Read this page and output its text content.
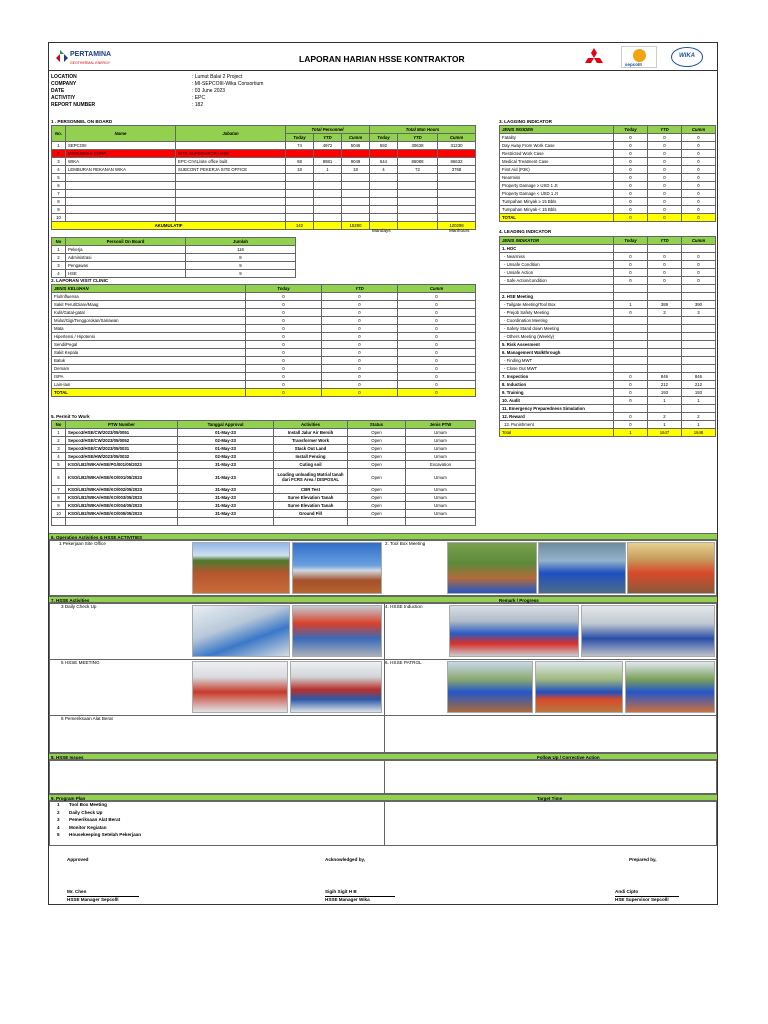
.
PERTAMINA
GEOTHERMAL ENERGY	LAPORAN HARIAN HSSE KONTRAKTOR
sepcoIII
WIKA
LOCATION	: Lumut Balai 2 Project
COMPANY	: MI-SEPCOIII-Wika Consortium
DATE	: 03 June 2023
ACTIVITIY	: EPC
REPORT NUMBER	: 182
1 . PERSONNEL ON BOARD
No.	Name	Jabatan	Total Personnel			Total Man Hours		
			Today	YTD	Cumm	Today	YTD	Cumm
1	SEPCOIII		74	4972	5046	592	30638	31230
2	MITSUBISHI CORP.	SITE SUPERVISOR / HSE						
3	WIKA	EPC-CIVIL/site office built	68	8981	9049	544	86088	86632
4	LEMBURAN REKANAN WIKA	SUBCONT PEKERJA SITE OFFICE	18	1	18	4	72	3768
5								
6								
7								
8								
9								
10								
AKUMULATIF			142		15280			120298
Mandays	Manhours
No	Personil On Board	Jumlah
1	Pekerja	116
2	Administrasi	8
3	Pengawas	9
4	HSE	9
2. LAPORAN VISIT CLINIC
JENIS KELUHAN	Today	YTD	Cumm
Flu/Influensa	0	0	0
Sakit Perut/Diare/Maag	0	0	0
Kulit/Gatal-gatal	0	0	0
Mulut/Gigi/Tenggorokan/Sariawan	0	0	0
Mata	0	0	0
Hipertensi / Hipotensi	0	0	0
Sendi/Pegal	0	0	0
Sakit Kepala	0	0	0
Batuk	0	0	0
Demam	0	0	0
ISPA	0	0	0
Lain-lain	0	0	0
TOTAL	0	0	0
5. Permit To Work
No	PTW Number	Tanggal Approval	Activities	Status	Jenis PTW
1	Sepco3/HSE/CW/2023/05/0051	01-May-23	Install Jalur Air Bersih	Open	Umum
2	Sepco3/HSE/CW/2023/05/0052	02-May-23	Transformer Work	Open	Umum
3	Sepco3/HSE/CW/2023/05/0031	01-May-23	Stack Out Land	Open	Umum
4	Sepco3/HSE/HW/2023/05/0032	02-May-23	Install Fencing	Open	Umum
5	KSO/LB2/WIKA/HSE/PG/001/05/2023	31-May-23	Cuting soil	Open	Excavation
6	KSO/LB2/WIKA/HSE/KO/001/05/2023	31-May-23	Loading unloading Matrial tanah dari FCRS Area / DISPOSAL	Open	Umum
7	KSO/LB2/WIKA/HSE/KO/002/05/2023	31-May-23	CBR Test	Open	Umum
8	KSO/LB2/WIKA/HSE/KO/003/05/2023	31-May-23	Surve Elevation Tanah	Open	Umum
9	KSO/LB2/WIKA/HSE/KO/004/05/2023	31-May-23	Surve Elevation Tanah	Open	Umum
10	KSO/LB2/WIKA/HSE/KO/005/05/2023	31-May-23	Ground Fill	Open	Umum

3. LAGGING INDICATOR
JENIS INSIDEN	Today	YTD	Cumm
Fatality	0	0	0
Day Away From Work Case	0	0	0
Restricted Work Case	0	0	0
Medical Treatment Case	0	0	0
First Aid (P3K)	0	0	0
Nearmiss	0	0	0
Property Damage ≥ USD 1 Jt	0	0	0
Property Damage < USD 1 Jt	0	0	0
Tumpahan Minyak ≥ 15 Bbls	0	0	0
Tumpahan Minyak < 15 Bbls	0	0	0
TOTAL	0	0	0
4. LEADING INDICATOR
JENIS INDIKATOR	Today	YTD	Cumm
1. HOC			
- Nearmiss	0	0	0
- Unsafe Condition	0	0	0
- Unsafe Action	0	0	0
- Safe Action/condition	0	0	0

2. HSE Meeting			
- Tailgate Meeting/Tool Box	1	389	390
- Prejob Safety Meeting	0	3	3
- Coordination Meeting			
- Safety Stand down Meeting			
- Others Meeting (Weekly)			
5. Risk Assesment			
6. Management Walkthrough			
- Finding MWT			
- Close Out MWT			
7. Inspection	0	846	846
8. Induction	0	212	212
9. Training	0	193	193
10. Audit	0	1	1
11. Emergency Preparedness Simulation			
12. Reward	0	2	2
13. Punishment	0	1	1
Total	1	1647	1648
6. Operation Activities & HSSE ACTIVITIES
1 Pekerjaan Site Office	2. Tool Box Meeting
7. HSSE Activities	Remark / Progress
3 Daily Check Up	4. HSSE Induction
5 HSSE MEETING	6. HSSE PATROL
6 Pemeriksaan Alat Berat
8. HSSE Issues	Follow Up / Corrective Action
9. Program Plan	Target Time
1 Tool Box Meeting
2 Daily Check Up
3 Pemeriksaan Alat Berat
4 Monitor Kegiatan
5 Housekeeping Setelah Pekerjaan
Approved	Acknowledged by,	Prepared by,
Mr. Chen
HSSE Manager Sepcolll
Sigih Sigit H B
HSSE Manager Wika
Andi Cipto
HSE Supervisor Sepcolll
